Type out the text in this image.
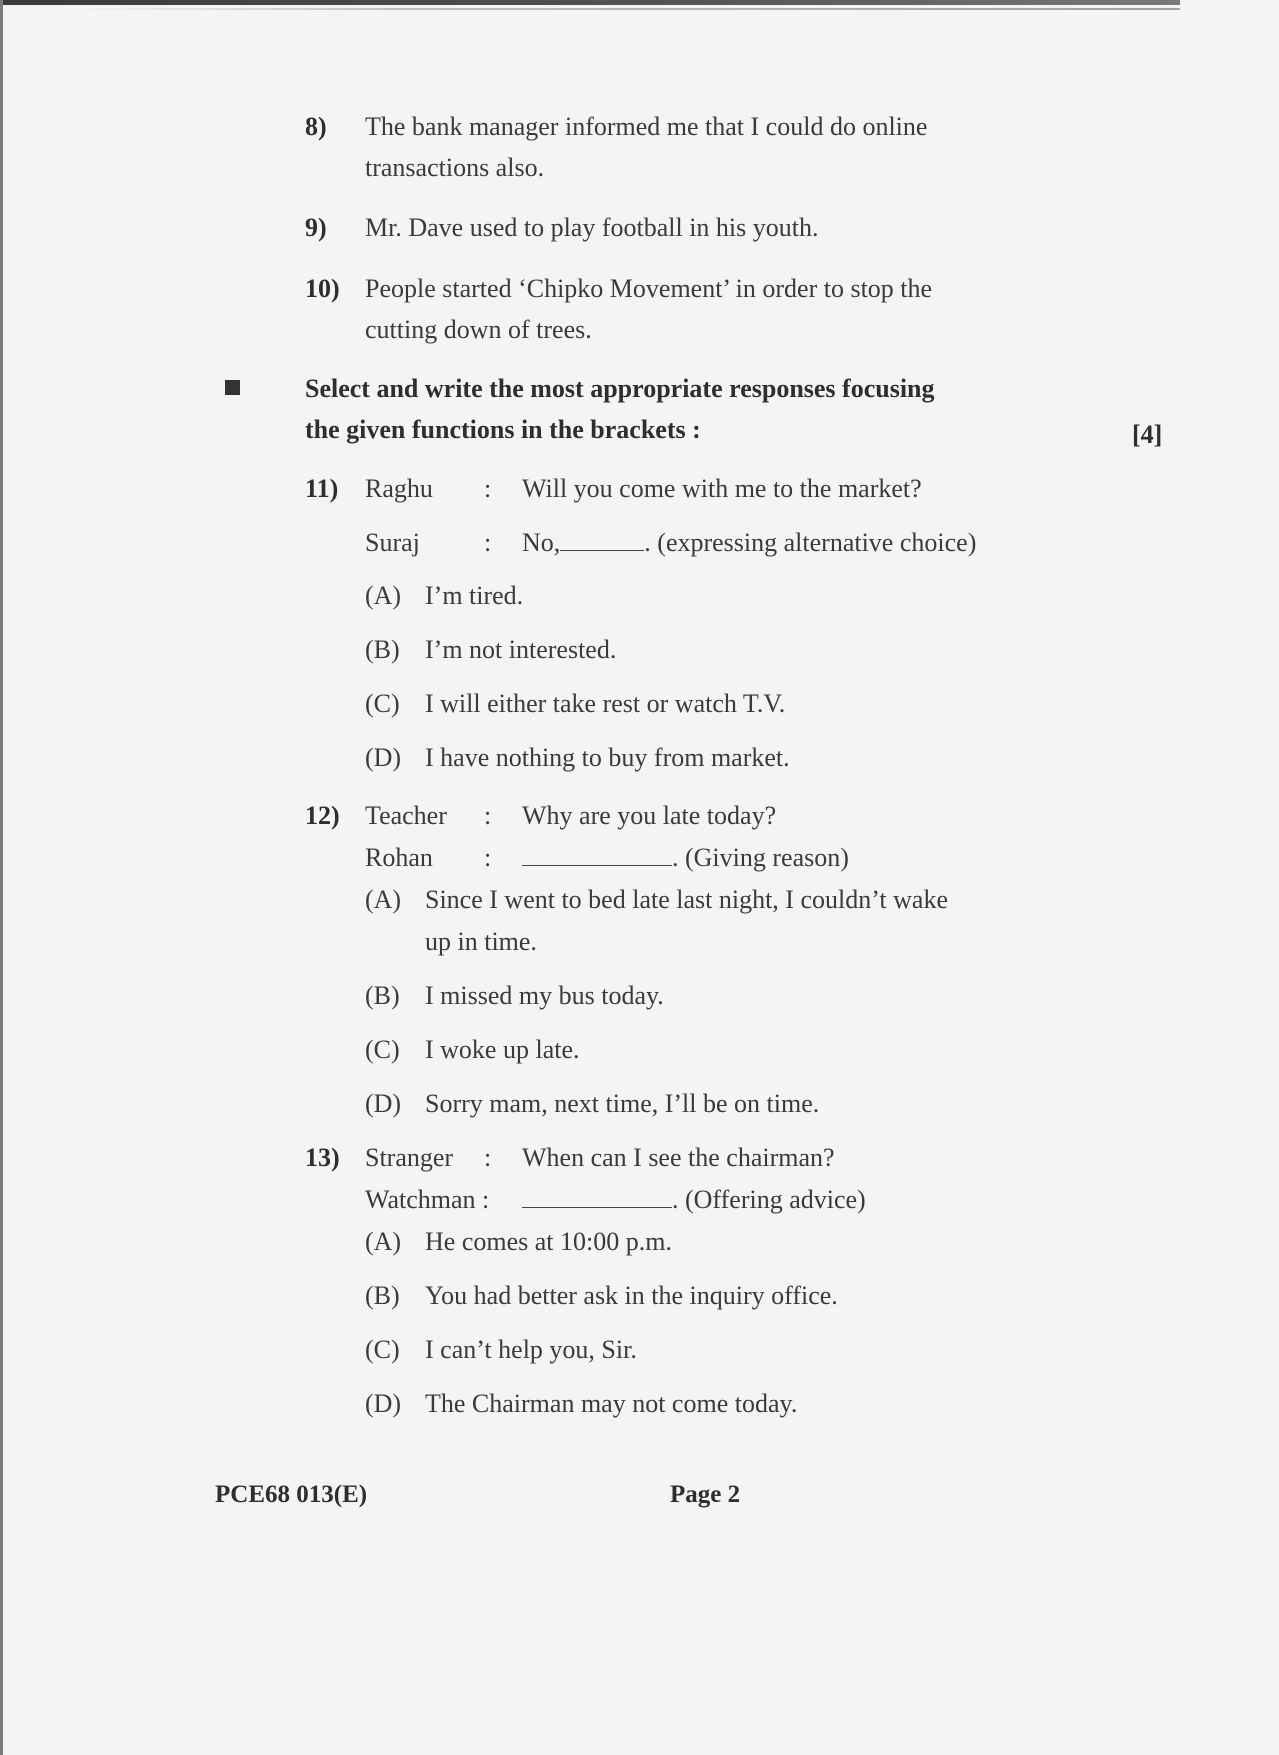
8) The bank manager informed me that I could do online
transactions also.
9) Mr. Dave used to play football in his youth.
10) People started ‘Chipko Movement’ in order to stop the
cutting down of trees.
Select and write the most appropriate responses focusing
the given functions in the brackets :	[4]
11) Raghu : Will you come with me to the market?
Suraj : No,	. (expressing alternative choice)
(A) I’m tired.
(B) I’m not interested.
(C) I will either take rest or watch T.V.
(D) I have nothing to buy from market.
12) Teacher : Why are you late today?
Rohan :	. (Giving reason)
(A) Since I went to bed late last night, I couldn’t wake
up in time.
(B) I missed my bus today.
(C) I woke up late.
(D) Sorry mam, next time, I’ll be on time.
13) Stranger : When can I see the chairman?
Watchman :	. (Offering advice)
(A) He comes at 10:00 p.m.
(B) You had better ask in the inquiry office.
(C) I can’t help you, Sir.
(D) The Chairman may not come today.
PCE68 013(E)	Page 2
